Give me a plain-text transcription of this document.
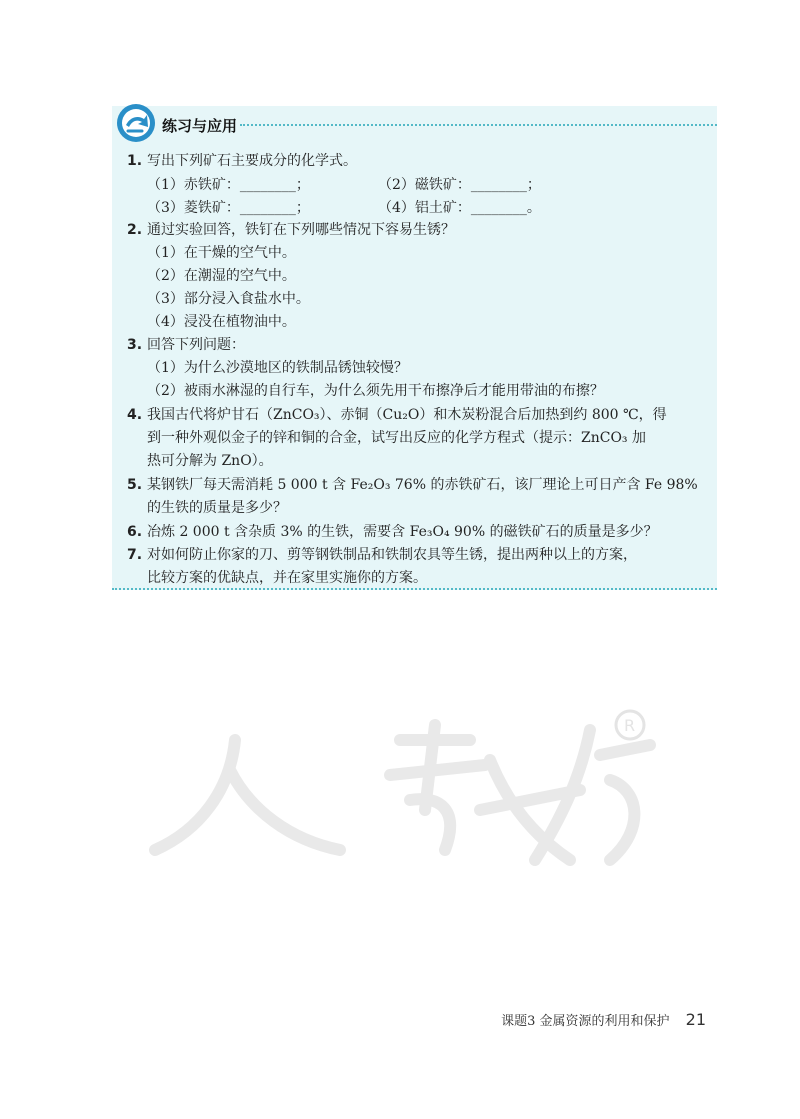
练习与应用
1. 写出下列矿石主要成分的化学式。
（1）赤铁矿：________；	（2）磁铁矿：________；
（3）菱铁矿：________；	（4）铝土矿：________。
2. 通过实验回答，铁钉在下列哪些情况下容易生锈？
（1）在干燥的空气中。
（2）在潮湿的空气中。
（3）部分浸入食盐水中。
（4）浸没在植物油中。
3. 回答下列问题：
（1）为什么沙漠地区的铁制品锈蚀较慢？
（2）被雨水淋湿的自行车，为什么须先用干布擦净后才能用带油的布擦？
4. 我国古代将炉甘石（ZnCO₃）、赤铜（Cu₂O）和木炭粉混合后加热到约 800 ℃，得
到一种外观似金子的锌和铜的合金，试写出反应的化学方程式（提示：ZnCO₃ 加
热可分解为 ZnO）。
5. 某钢铁厂每天需消耗 5 000 t 含 Fe₂O₃ 76% 的赤铁矿石，该厂理论上可日产含 Fe 98%
的生铁的质量是多少？
6. 冶炼 2 000 t 含杂质 3% 的生铁，需要含 Fe₃O₄ 90% 的磁铁矿石的质量是多少？
7. 对如何防止你家的刀、剪等钢铁制品和铁制农具等生锈，提出两种以上的方案，
比较方案的优缺点，并在家里实施你的方案。
R
课题3 金属资源的利用和保护 21
